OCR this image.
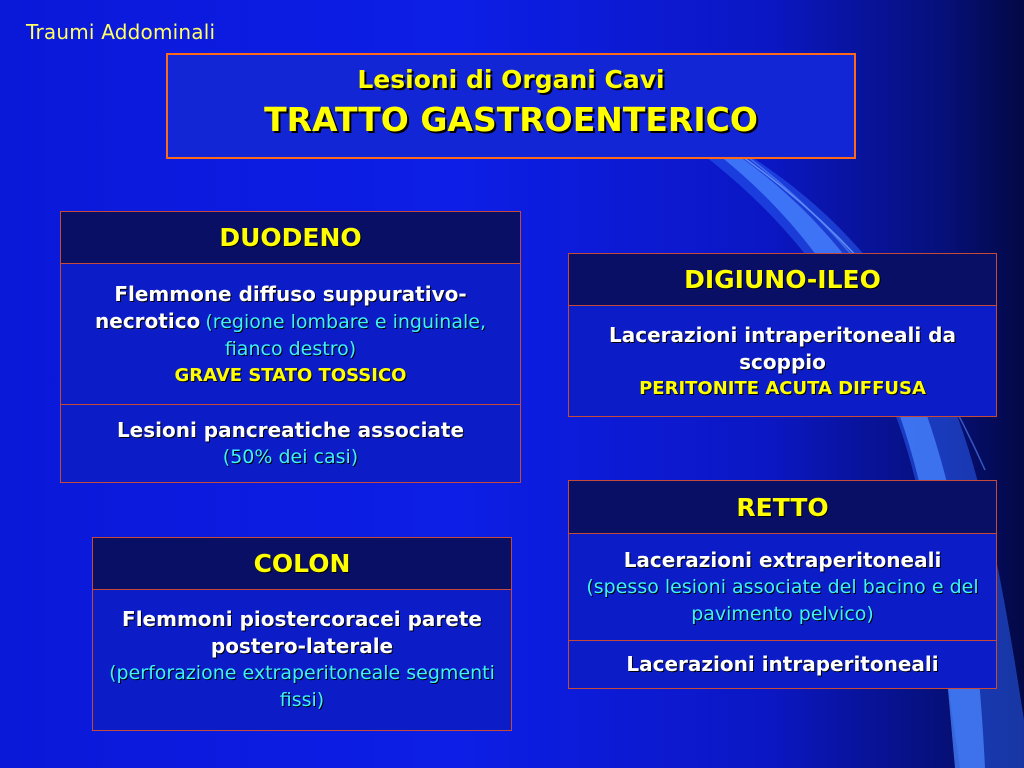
Traumi Addominali
Lesioni di Organi Cavi
TRATTO GASTROENTERICO
DUODENO
Flemmone diffuso suppurativo-necrotico (regione lombare e inguinale, fianco destro)
GRAVE STATO TOSSICO
Lesioni pancreatiche associate
(50% dei casi)
DIGIUNO-ILEO
Lacerazioni intraperitoneali da scoppio
PERITONITE ACUTA DIFFUSA
RETTO
Lacerazioni extraperitoneali
(spesso lesioni associate del bacino e del pavimento pelvico)
Lacerazioni intraperitoneali
COLON
Flemmoni piostercoracei parete postero-laterale
(perforazione extraperitoneale segmenti fissi)
